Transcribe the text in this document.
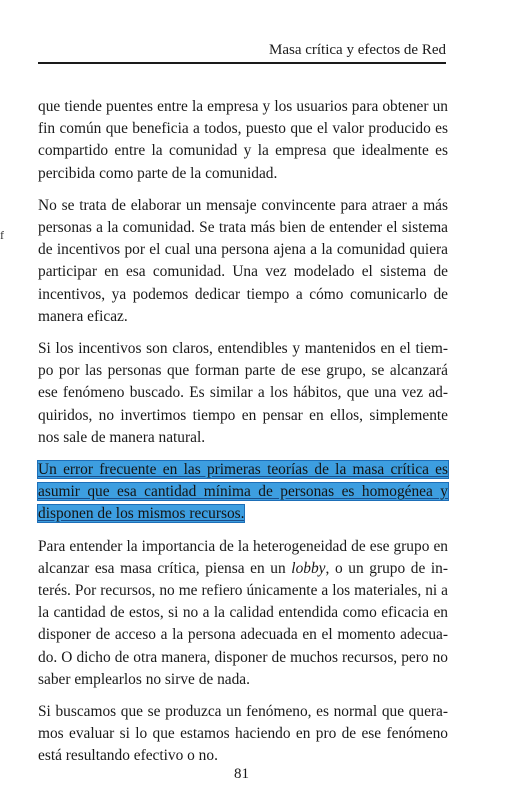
Masa crítica y efectos de Red
f

que tiende puentes entre la empresa y los usuarios para obtener un fin común que beneficia a todos, puesto que el valor producido es compartido entre la comunidad y la empresa que idealmente es percibida como parte de la comunidad.

No se trata de elaborar un mensaje convincente para atraer a más personas a la comunidad. Se trata más bien de entender el sistema de incentivos por el cual una persona ajena a la comunidad quiera participar en esa comunidad. Una vez modelado el sistema de incentivos, ya podemos dedicar tiempo a cómo comunicarlo de manera eficaz.

Si los incentivos son claros, entendibles y mantenidos en el tiempo por las personas que forman parte de ese grupo, se alcanzará ese fenómeno buscado. Es similar a los hábitos, que una vez adquiridos, no invertimos tiempo en pensar en ellos, simplemente nos sale de manera natural.

Un error frecuente en las primeras teorías de la masa crítica es asumir que esa cantidad mínima de personas es homogénea y disponen de los mismos recursos.

Para entender la importancia de la heterogeneidad de ese grupo en alcanzar esa masa crítica, piensa en un lobby, o un grupo de interés. Por recursos, no me refiero únicamente a los materiales, ni a la cantidad de estos, si no a la calidad entendida como eficacia en disponer de acceso a la persona adecuada en el momento adecuado. O dicho de otra manera, disponer de muchos recursos, pero no saber emplearlos no sirve de nada.

Si buscamos que se produzca un fenómeno, es normal que queramos evaluar si lo que estamos haciendo en pro de ese fenómeno está resultando efectivo o no.

81
